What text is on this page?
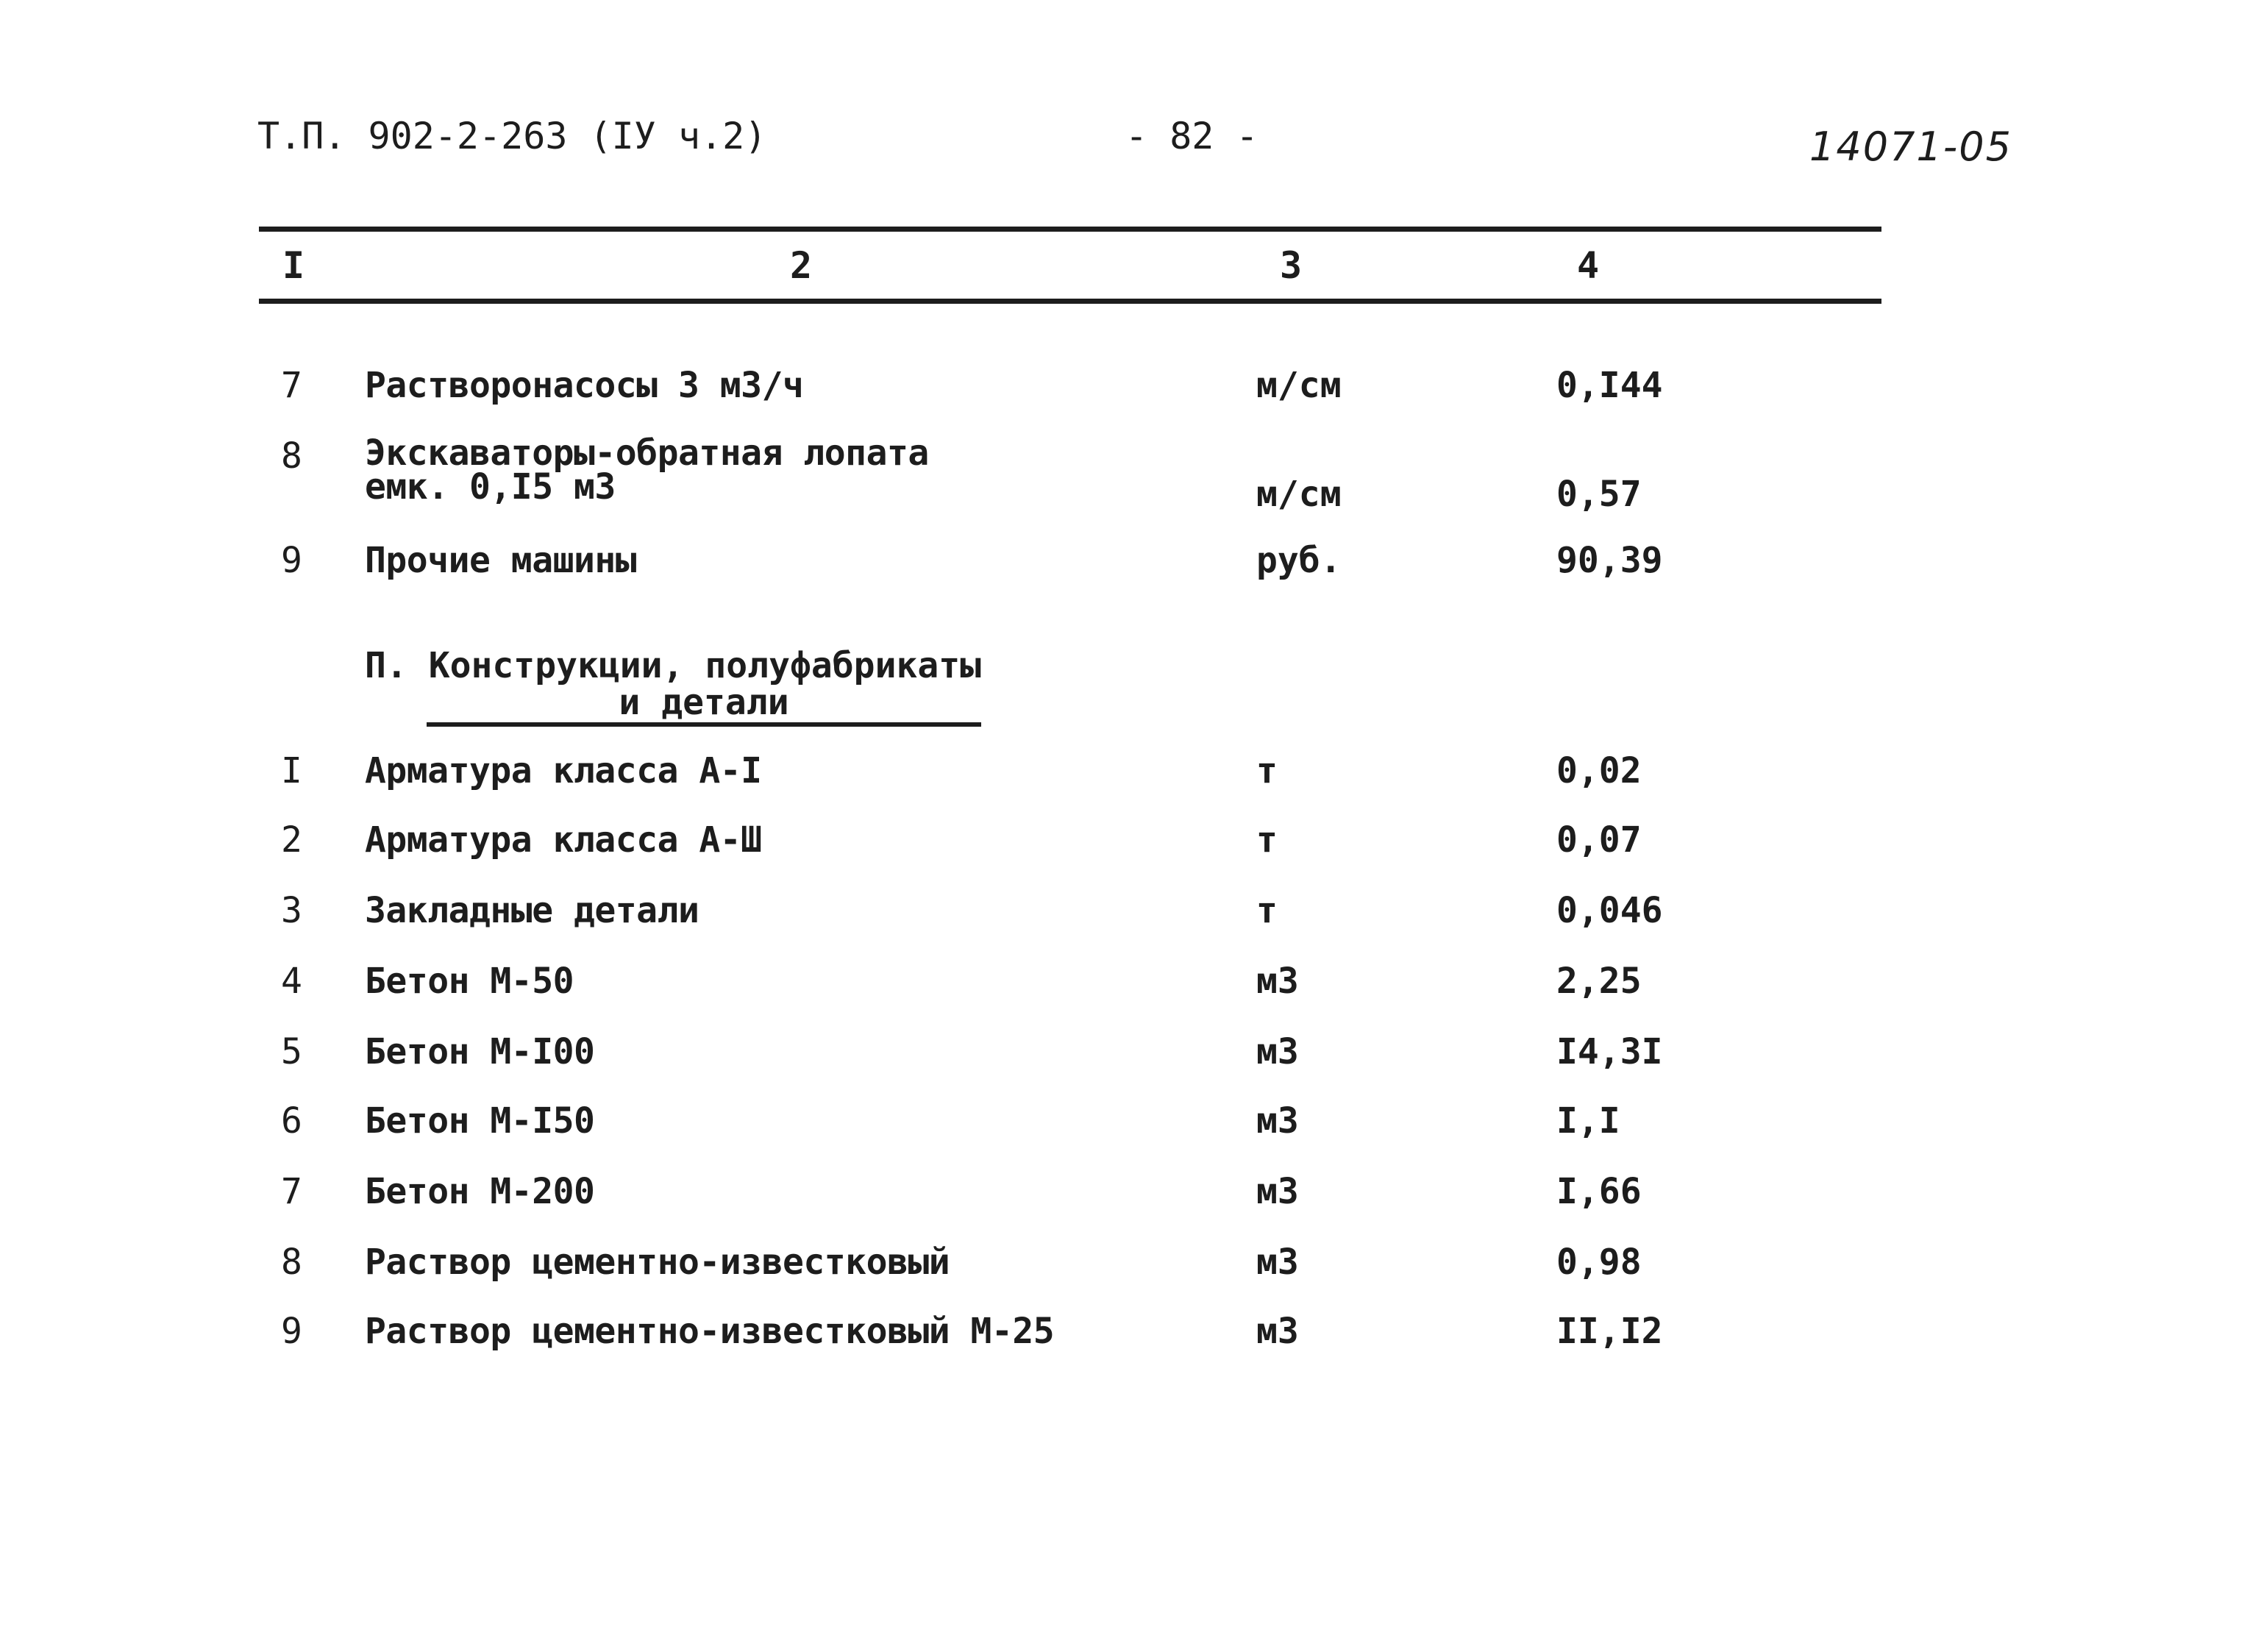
Т.П. 902-2-263 (IУ ч.2)	- 82 -	14071-05
I	2	3	4
7 Растворонасосы 3 м3/ч	м/см	0,I44
8 Экскаваторы-обратная лопата
емк. 0,I5 м3	м/см	0,57
9 Прочие машины	руб.	90,39
П. Конструкции, полуфабрикаты
и детали
I Арматура класса А-I	т	0,02
2 Арматура класса А-Ш	т	0,07
3 Закладные детали	т	0,046
4 Бетон М-50	м3	2,25
5 Бетон М-I00	м3	I4,3I
6 Бетон М-I50	м3	I,I
7 Бетон М-200	м3	I,66
8 Раствор цементно-известковый	м3	0,98
9 Раствор цементно-известковый М-25	м3	II,I2
